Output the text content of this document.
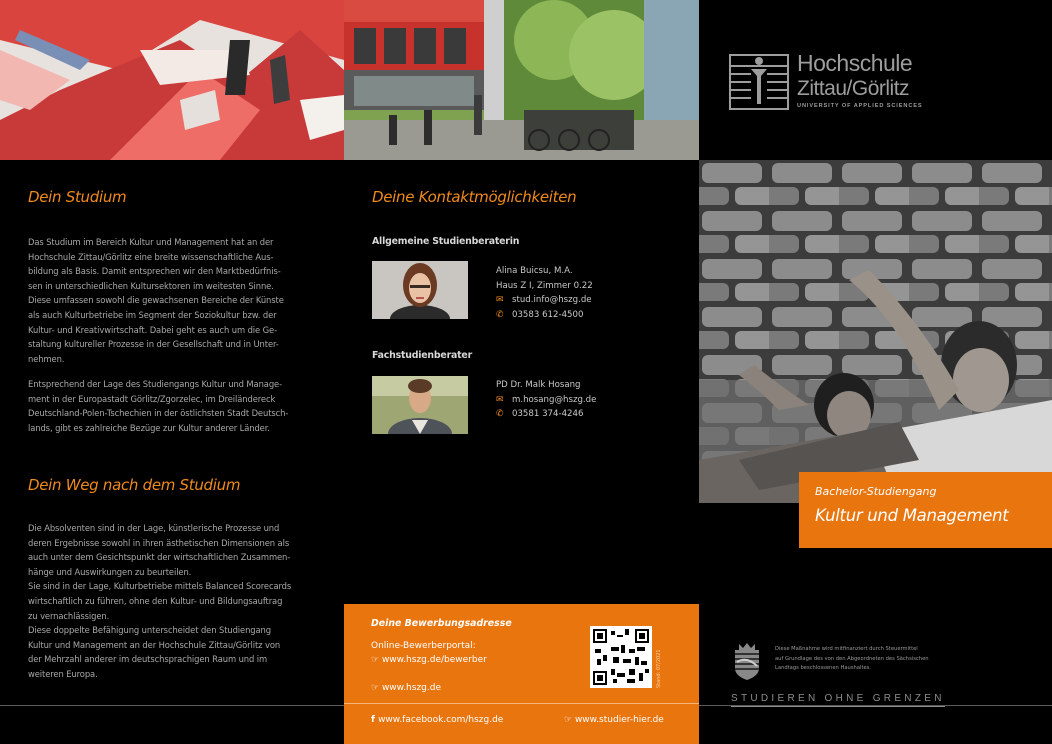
Dein Studium
Das Studium im Bereich Kultur und Management hat an der
Hochschule Zittau/Görlitz eine breite wissenschaftliche Aus-
bildung als Basis. Damit entsprechen wir den Marktbedürfnis-
sen in unterschiedlichen Kultursektoren im weitesten Sinne.
Diese umfassen sowohl die gewachsenen Bereiche der Künste
als auch Kulturbetriebe im Segment der Soziokultur bzw. der
Kultur- und Kreativwirtschaft. Dabei geht es auch um die Ge-
staltung kultureller Prozesse in der Gesellschaft und in Unter-
nehmen.
Entsprechend der Lage des Studiengangs Kultur und Manage-
ment in der Europastadt Görlitz/Zgorzelec, im Dreiländereck
Deutschland-Polen-Tschechien in der östlichsten Stadt Deutsch-
lands, gibt es zahlreiche Bezüge zur Kultur anderer Länder.
Dein Weg nach dem Studium
Die Absolventen sind in der Lage, künstlerische Prozesse und
deren Ergebnisse sowohl in ihren ästhetischen Dimensionen als
auch unter dem Gesichtspunkt der wirtschaftlichen Zusammen-
hänge und Auswirkungen zu beurteilen.
Sie sind in der Lage, Kulturbetriebe mittels Balanced Scorecards
wirtschaftlich zu führen, ohne den Kultur- und Bildungsauftrag
zu vernachlässigen.
Diese doppelte Befähigung unterscheidet den Studiengang
Kultur und Management an der Hochschule Zittau/Görlitz von
der Mehrzahl anderer im deutschsprachigen Raum und im
weiteren Europa.
Deine Kontaktmöglichkeiten
Allgemeine Studienberaterin
Alina Buicsu, M.A.
Haus Z I, Zimmer 0.22
✉ stud.info@hszg.de
✆ 03583 612-4500
Fachstudienberater
PD Dr. Malk Hosang
✉ m.hosang@hszg.de
✆ 03581 374-4246
Deine Bewerbungsadresse
Online-Bewerberportal:
☞ www.hszg.de/bewerber
☞ www.hszg.de
f www.facebook.com/hszg.de	☞ www.studier-hier.de
Stand: 07/2021
Hochschule
Zittau/Görlitz
UNIVERSITY OF APPLIED SCIENCES
STUDIEREN OHNE GRENZEN
Diese Maßnahme wird mitfinanziert durch Steuermittel
auf Grundlage des von den Abgeordneten des Sächsischen
Landtags beschlossenen Haushaltes.
Bachelor-Studiengang
Kultur und Management
